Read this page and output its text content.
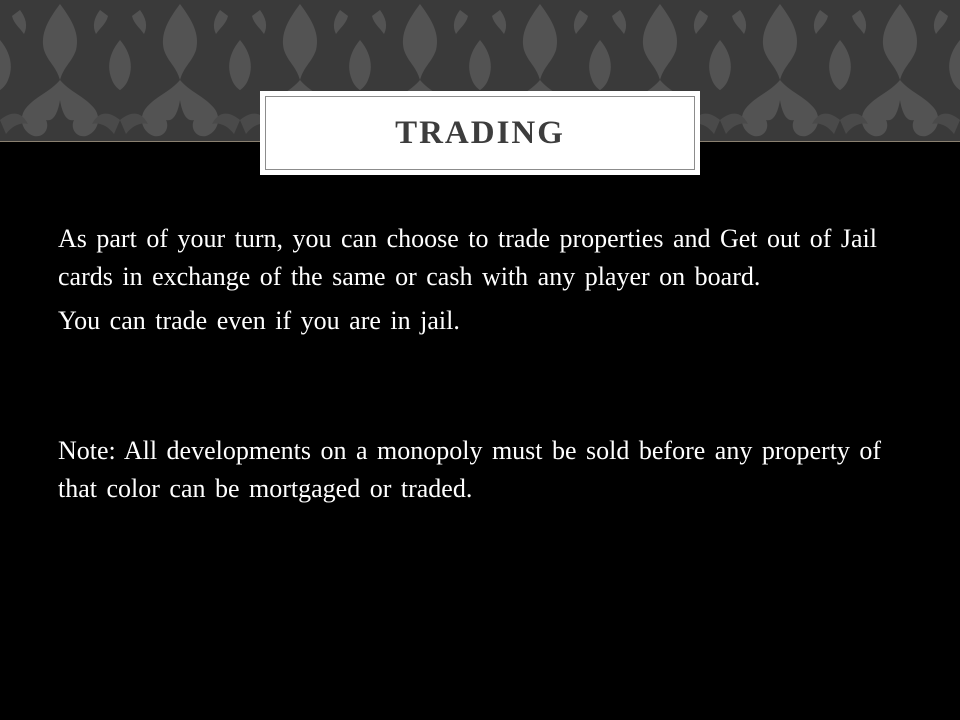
TRADING

As part of your turn, you can choose to trade properties and Get out of Jail cards in exchange of the same or cash with any player on board.

You can trade even if you are in jail.

Note: All developments on a monopoly must be sold before any property of that color can be mortgaged or traded.
